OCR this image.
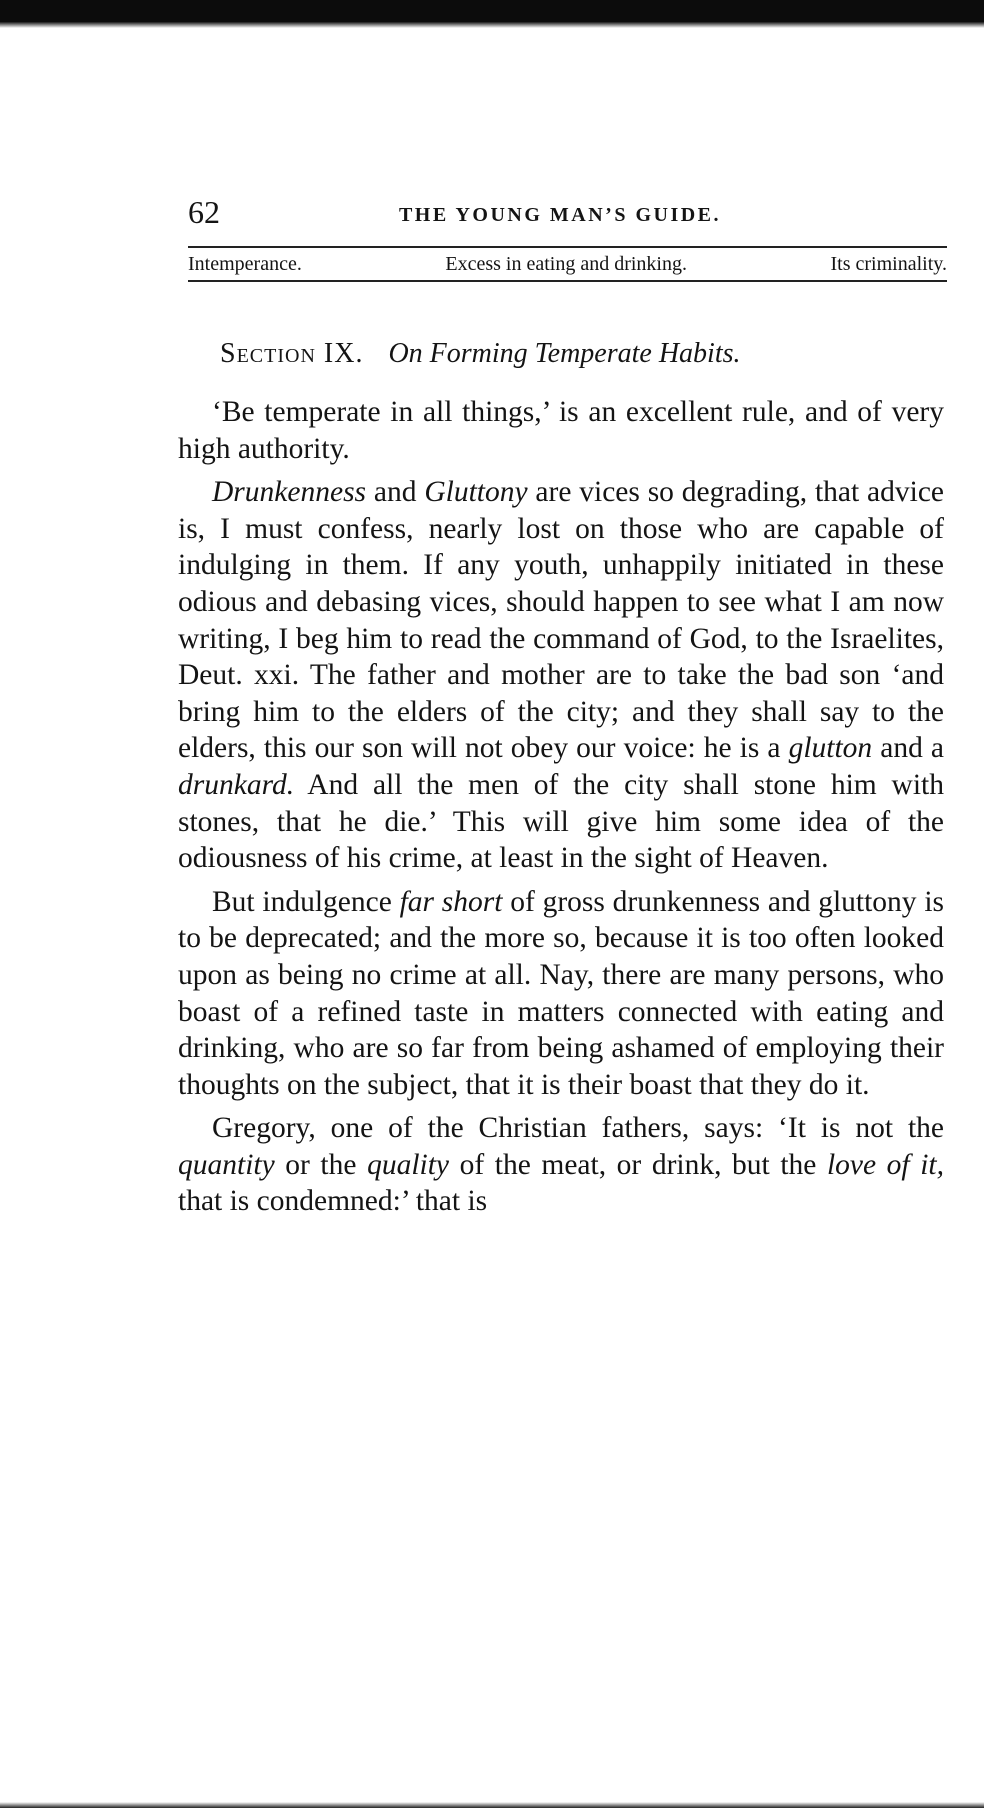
62	THE YOUNG MAN’S GUIDE.
Intemperance.	Excess in eating and drinking.	Its criminality.
Section IX. On Forming Temperate Habits.

‘Be temperate in all things,’ is an excellent rule, and of very high authority.

Drunkenness and Gluttony are vices so degrading, that advice is, I must confess, nearly lost on those who are capable of indulging in them. If any youth, unhappily initiated in these odious and debasing vices, should happen to see what I am now writing, I beg him to read the command of God, to the Israelites, Deut. xxi. The father and mother are to take the bad son ‘and bring him to the elders of the city; and they shall say to the elders, this our son will not obey our voice: he is a glutton and a drunkard. And all the men of the city shall stone him with stones, that he die.’ This will give him some idea of the odiousness of his crime, at least in the sight of Heaven.

But indulgence far short of gross drunkenness and gluttony is to be deprecated; and the more so, because it is too often looked upon as being no crime at all. Nay, there are many persons, who boast of a refined taste in matters connected with eating and drinking, who are so far from being ashamed of employing their thoughts on the subject, that it is their boast that they do it.

Gregory, one of the Christian fathers, says: ‘It is not the quantity or the quality of the meat, or drink, but the love of it, that is condemned:’ that is
